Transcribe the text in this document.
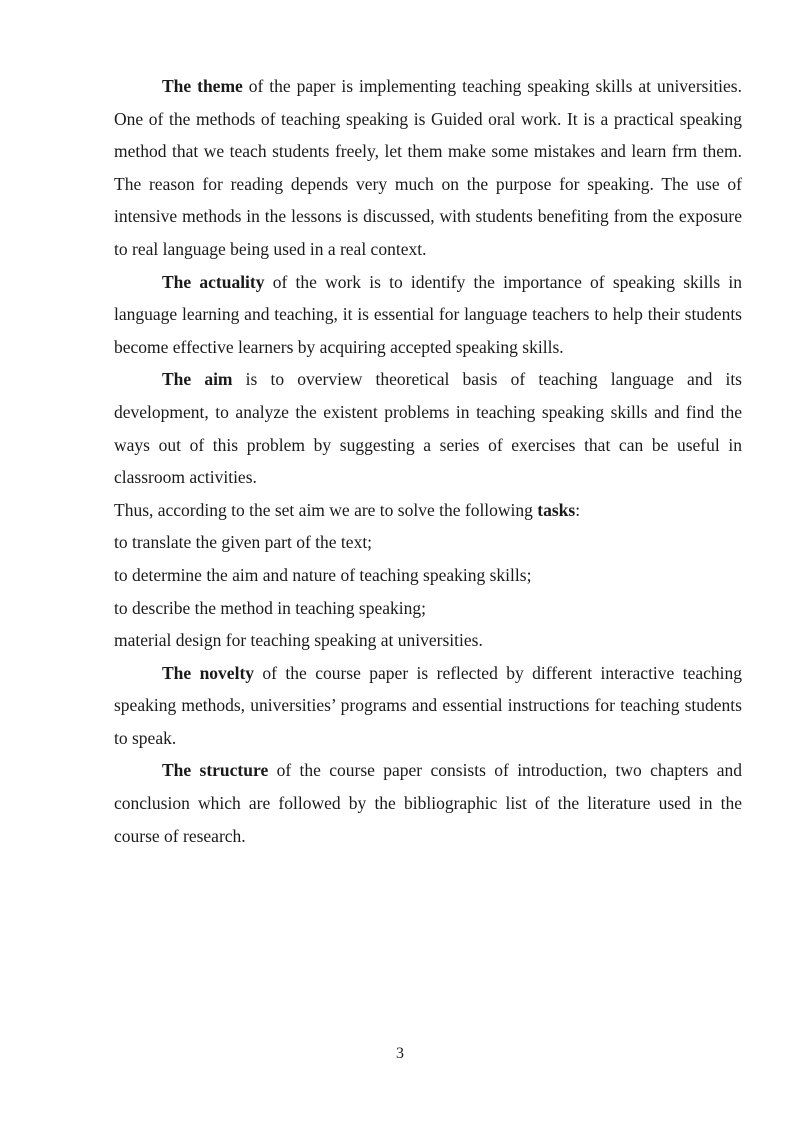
The theme of the paper is implementing teaching speaking skills at universities. One of the methods of teaching speaking is Guided oral work. It is a practical speaking method that we teach students freely, let them make some mistakes and learn frm them. The reason for reading depends very much on the purpose for speaking. The use of intensive methods in the lessons is discussed, with students benefiting from the exposure to real language being used in a real context.

The actuality of the work is to identify the importance of speaking skills in language learning and teaching, it is essential for language teachers to help their students become effective learners by acquiring accepted speaking skills.

The aim is to overview theoretical basis of teaching language and its development, to analyze the existent problems in teaching speaking skills and find the ways out of this problem by suggesting a series of exercises that can be useful in classroom activities.

Thus, according to the set aim we are to solve the following tasks:

to translate the given part of the text;
to determine the aim and nature of teaching speaking skills;
to describe the method in teaching speaking;
material design for teaching speaking at universities.

The novelty of the course paper is reflected by different interactive teaching speaking methods, universities’ programs and essential instructions for teaching students to speak.

The structure of the course paper consists of introduction, two chapters and conclusion which are followed by the bibliographic list of the literature used in the course of research.

3
